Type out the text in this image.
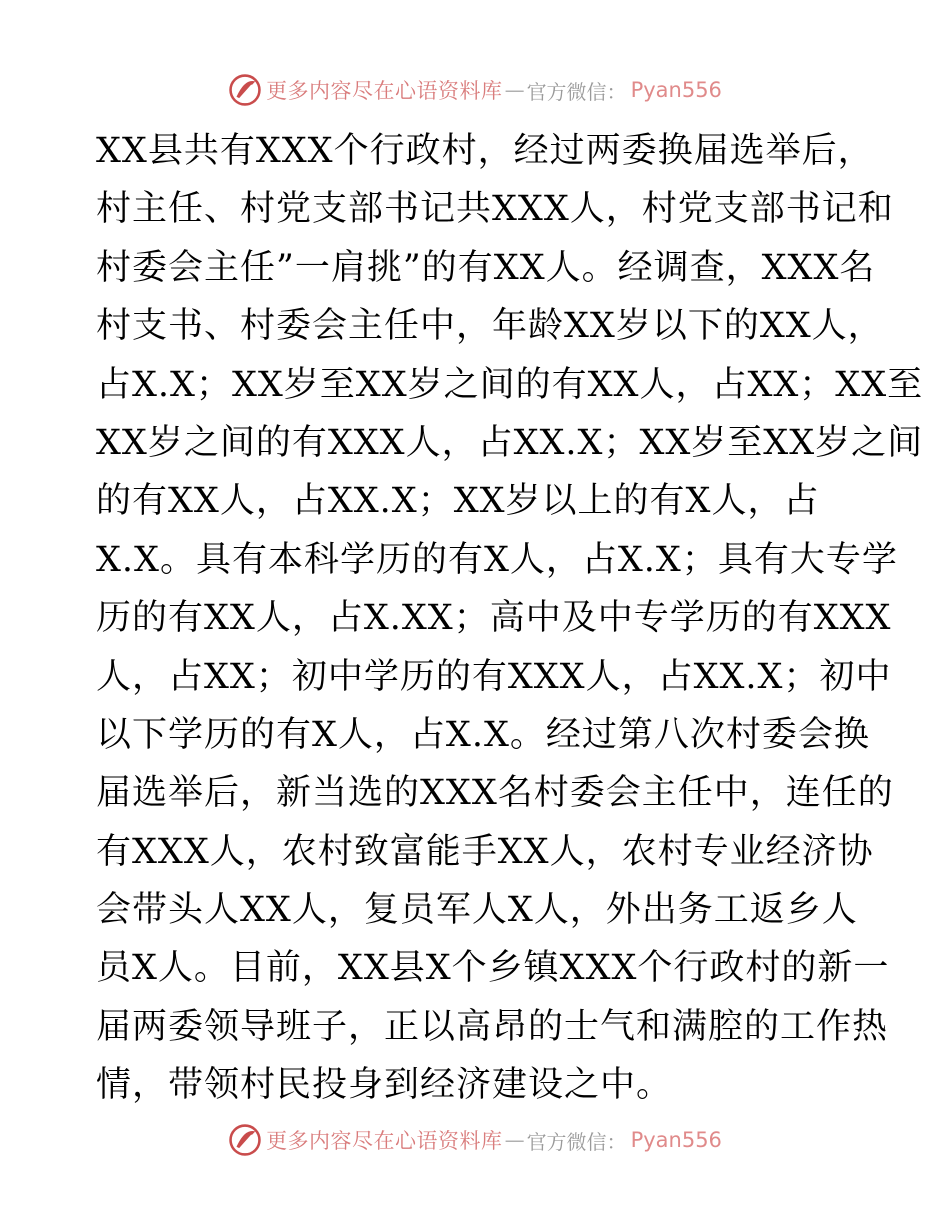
更多内容尽在心语资料库 — 官方微信： Pyan556
XX县共有XXX个行政村，经过两委换届选举后，
村主任、村党支部书记共XXX人，村党支部书记和
村委会主任”一肩挑”的有XX人。经调查，XXX名
村支书、村委会主任中，年龄XX岁以下的XX人，
占X.X；XX岁至XX岁之间的有XX人，占XX；XX至
XX岁之间的有XXX人，占XX.X；XX岁至XX岁之间
的有XX人，占XX.X；XX岁以上的有X人，占
X.X。具有本科学历的有X人，占X.X；具有大专学
历的有XX人，占X.XX；高中及中专学历的有XXX
人，占XX；初中学历的有XXX人，占XX.X；初中
以下学历的有X人，占X.X。经过第八次村委会换
届选举后，新当选的XXX名村委会主任中，连任的
有XXX人，农村致富能手XX人，农村专业经济协
会带头人XX人，复员军人X人，外出务工返乡人
员X人。目前，XX县X个乡镇XXX个行政村的新一
届两委领导班子，正以高昂的士气和满腔的工作热
情，带领村民投身到经济建设之中。
更多内容尽在心语资料库 — 官方微信： Pyan556
